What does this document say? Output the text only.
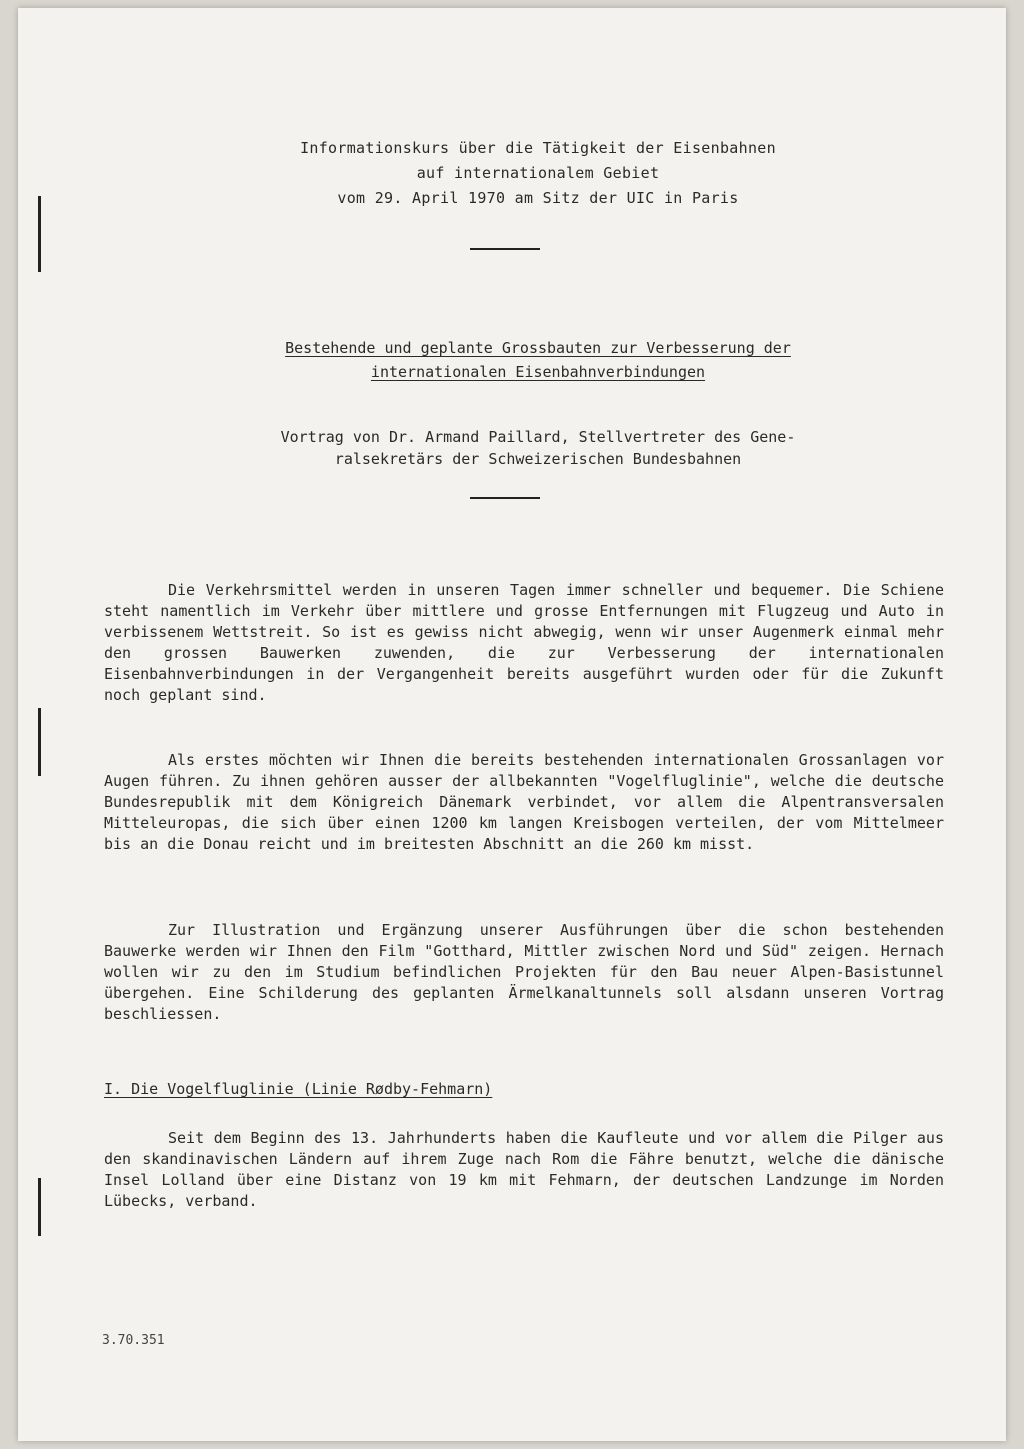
Informationskurs über die Tätigkeit der Eisenbahnen
auf internationalem Gebiet
vom 29. April 1970 am Sitz der UIC in Paris
Bestehende und geplante Grossbauten zur Verbesserung der
internationalen Eisenbahnverbindungen
Vortrag von Dr. Armand Paillard, Stellvertreter des Gene-
ralsekretärs der Schweizerischen Bundesbahnen
Die Verkehrsmittel werden in unseren Tagen immer schneller und bequemer. Die Schiene steht namentlich im Verkehr über mittlere und grosse Entfernungen mit Flugzeug und Auto in verbissenem Wettstreit. So ist es gewiss nicht abwegig, wenn wir unser Augenmerk einmal mehr den grossen Bauwerken zuwenden, die zur Verbesserung der internationalen Eisenbahnverbindungen in der Vergangenheit bereits ausgeführt wurden oder für die Zukunft noch geplant sind.
Als erstes möchten wir Ihnen die bereits bestehenden internationalen Grossanlagen vor Augen führen. Zu ihnen gehören ausser der allbekannten "Vogelfluglinie", welche die deutsche Bundesrepublik mit dem Königreich Dänemark verbindet, vor allem die Alpentransversalen Mitteleuropas, die sich über einen 1200 km langen Kreisbogen verteilen, der vom Mittelmeer bis an die Donau reicht und im breitesten Abschnitt an die 260 km misst.
Zur Illustration und Ergänzung unserer Ausführungen über die schon bestehenden Bauwerke werden wir Ihnen den Film "Gotthard, Mittler zwischen Nord und Süd" zeigen. Hernach wollen wir zu den im Studium befindlichen Projekten für den Bau neuer Alpen-Basistunnel übergehen. Eine Schilderung des geplanten Ärmelkanaltunnels soll alsdann unseren Vortrag beschliessen.
I. Die Vogelfluglinie (Linie Rødby-Fehmarn)
Seit dem Beginn des 13. Jahrhunderts haben die Kaufleute und vor allem die Pilger aus den skandinavischen Ländern auf ihrem Zuge nach Rom die Fähre benutzt, welche die dänische Insel Lolland über eine Distanz von 19 km mit Fehmarn, der deutschen Landzunge im Norden Lübecks, verband.
3.70.351
